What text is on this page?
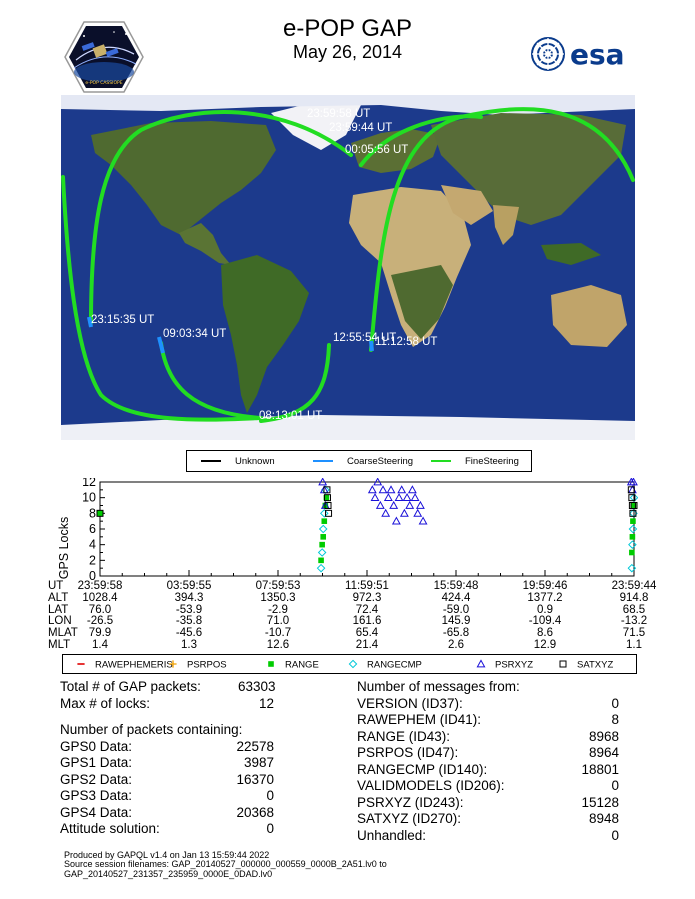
e-POP GAP
May 26, 2014
e-POP CASSIOPE
esa
23:59:58 UT
23:59:44 UT
00:05:56 UT
23:15:35 UT
09:03:34 UT	12:55:54 UT
11:12:58 UT
08:13:01 UT
Unknown	CoarseSteering	FineSteering
GPS Locks 0
2
4
6
8
10
12
UT	23:59:58	03:59:55	07:59:53	11:59:51	15:59:48	19:59:46	23:59:44
ALT	1028.4	394.3	1350.3	972.3	424.4	1377.2	914.8
LAT	76.0	-53.9	-2.9	72.4	-59.0	0.9	68.5
LON	-26.5	-35.8	71.0	161.6	145.9	-109.4	-13.2
MLAT 79.9	-45.6	-10.7	65.4	-65.8	8.6	71.5
MLT	1.4	1.3	12.6	21.4	2.6	12.9	1.1
RAWEPHEMERIS PSRPOS	RANGE	RANGECMP	PSRXYZ	SATXYZ
Total # of GAP packets:	63303
Max # of locks:	12
Number of packets containing:
GPS0 Data:	22578
GPS1 Data:	3987
GPS2 Data:	16370
GPS3 Data:	0
GPS4 Data:	20368
Attitude solution:	0
Number of messages from:
VERSION (ID37):	0
RAWEPHEM (ID41):	8
RANGE (ID43):	8968
PSRPOS (ID47):	8964
RANGECMP (ID140):	18801
VALIDMODELS (ID206):	0
PSRXYZ (ID243):	15128
SATXYZ (ID270):	8948
Unhandled:	0
Produced by GAPQL v1.4 on Jan 13 15:59:44 2022
Source session filenames: GAP_20140527_000000_000559_0000B_2A51.lv0 to
GAP_20140527_231357_235959_0000E_0DAD.lv0
